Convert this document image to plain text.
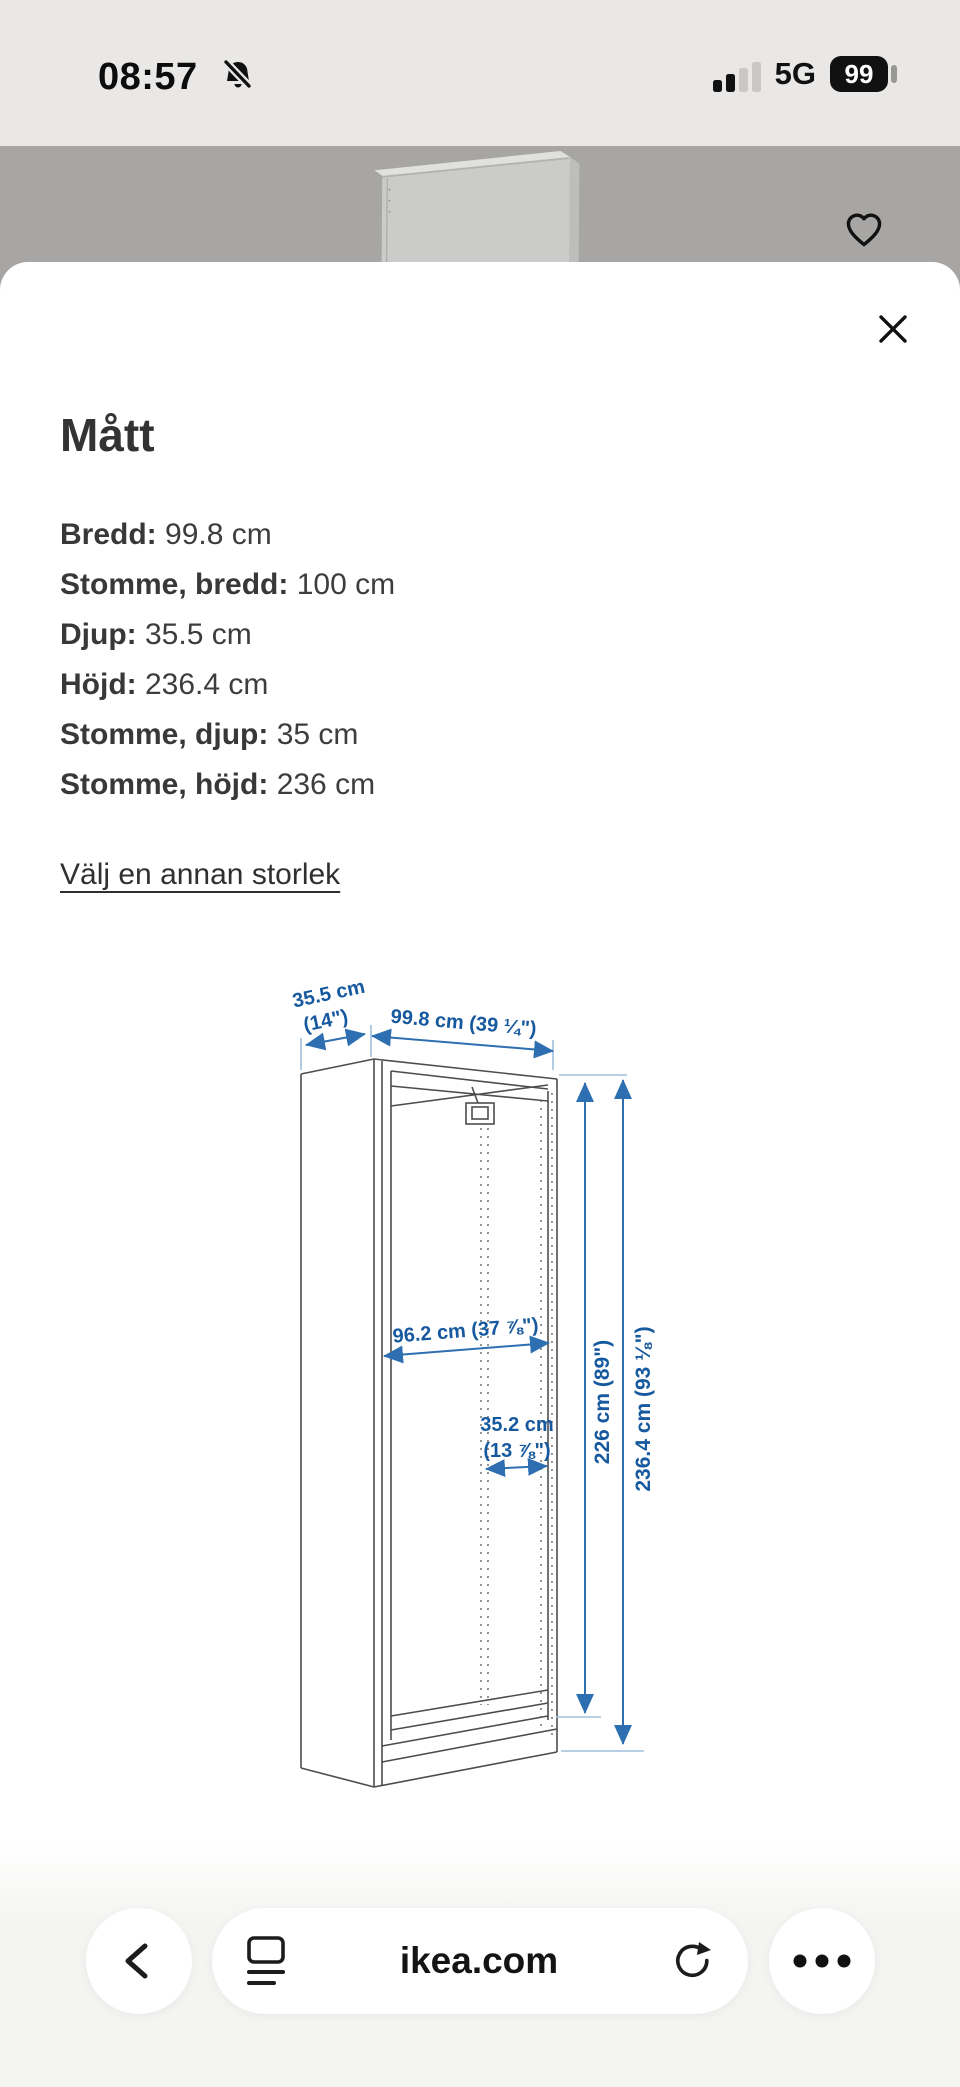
08:57	5G 99
Mått
Bredd: 99.8 cm
Stomme, bredd: 100 cm
Djup: 35.5 cm
Höjd: 236.4 cm
Stomme, djup: 35 cm
Stomme, höjd: 236 cm
Välj en annan storlek
35.5 cm
(14") 99.8 cm (39 ¼")
96.2 cm (37 ⅞")
35.2 cm
(13 ⅞") 226 cm (89") 236.4 cm (93 ⅛")
ikea.com
